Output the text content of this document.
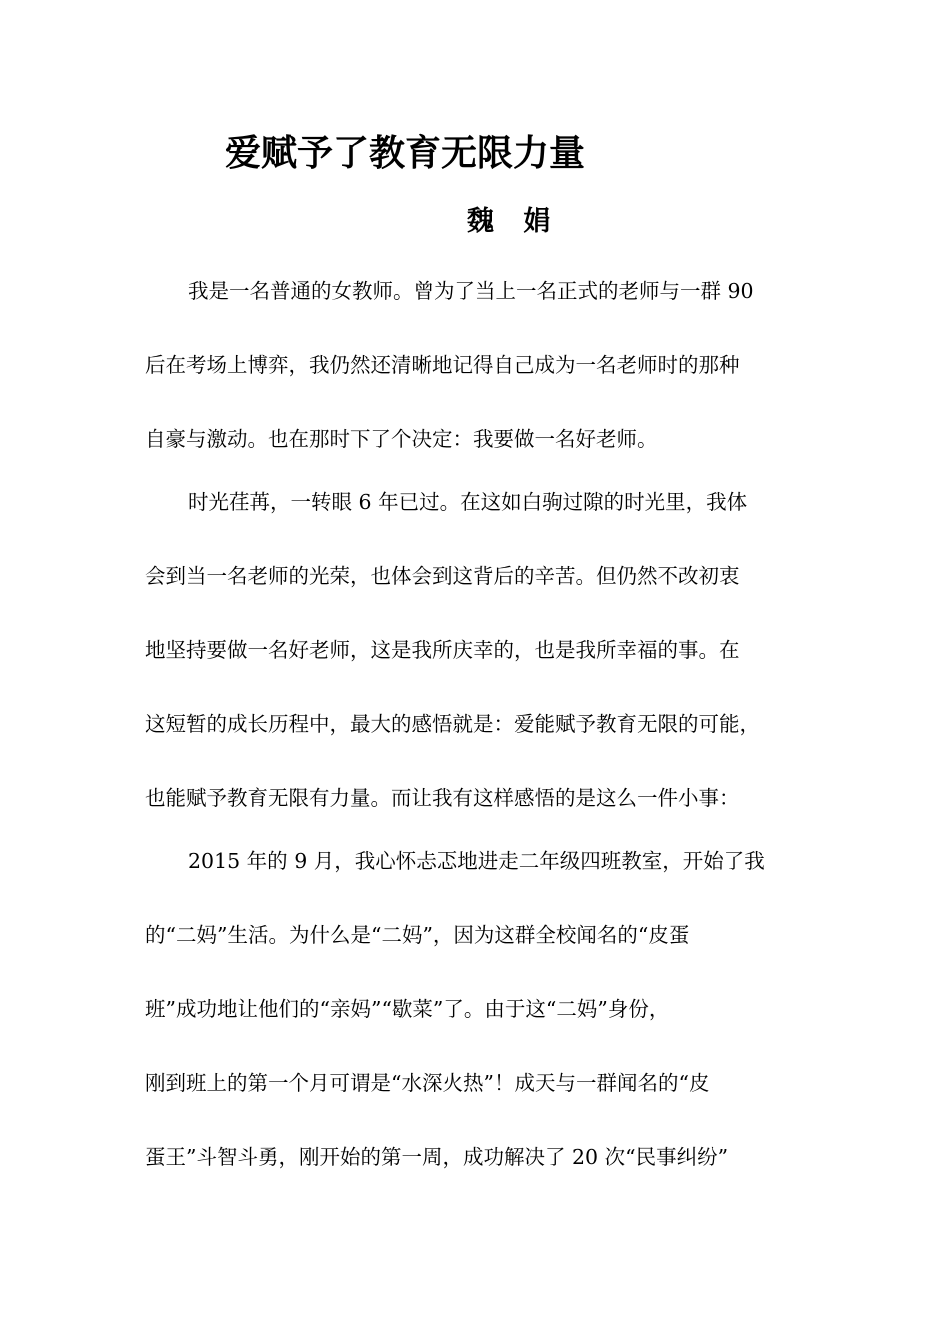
爱赋予了教育无限力量
魏 娟

我是一名普通的女教师。曾为了当上一名正式的老师与一群 90

后在考场上博弈，我仍然还清晰地记得自己成为一名老师时的那种

自豪与激动。也在那时下了个决定：我要做一名好老师。

时光荏苒，一转眼 6 年已过。在这如白驹过隙的时光里，我体

会到当一名老师的光荣，也体会到这背后的辛苦。但仍然不改初衷

地坚持要做一名好老师，这是我所庆幸的，也是我所幸福的事。在

这短暂的成长历程中，最大的感悟就是：爱能赋予教育无限的可能，

也能赋予教育无限有力量。而让我有这样感悟的是这么一件小事：

2015 年的 9 月，我心怀忐忑地进走二年级四班教室，开始了我

的“二妈”生活。为什么是“二妈”，因为这群全校闻名的“皮蛋

班”成功地让他们的“亲妈”“歇菜”了。由于这“二妈”身份，

刚到班上的第一个月可谓是“水深火热”！成天与一群闻名的“皮

蛋王”斗智斗勇，刚开始的第一周，成功解决了 20 次“民事纠纷”
